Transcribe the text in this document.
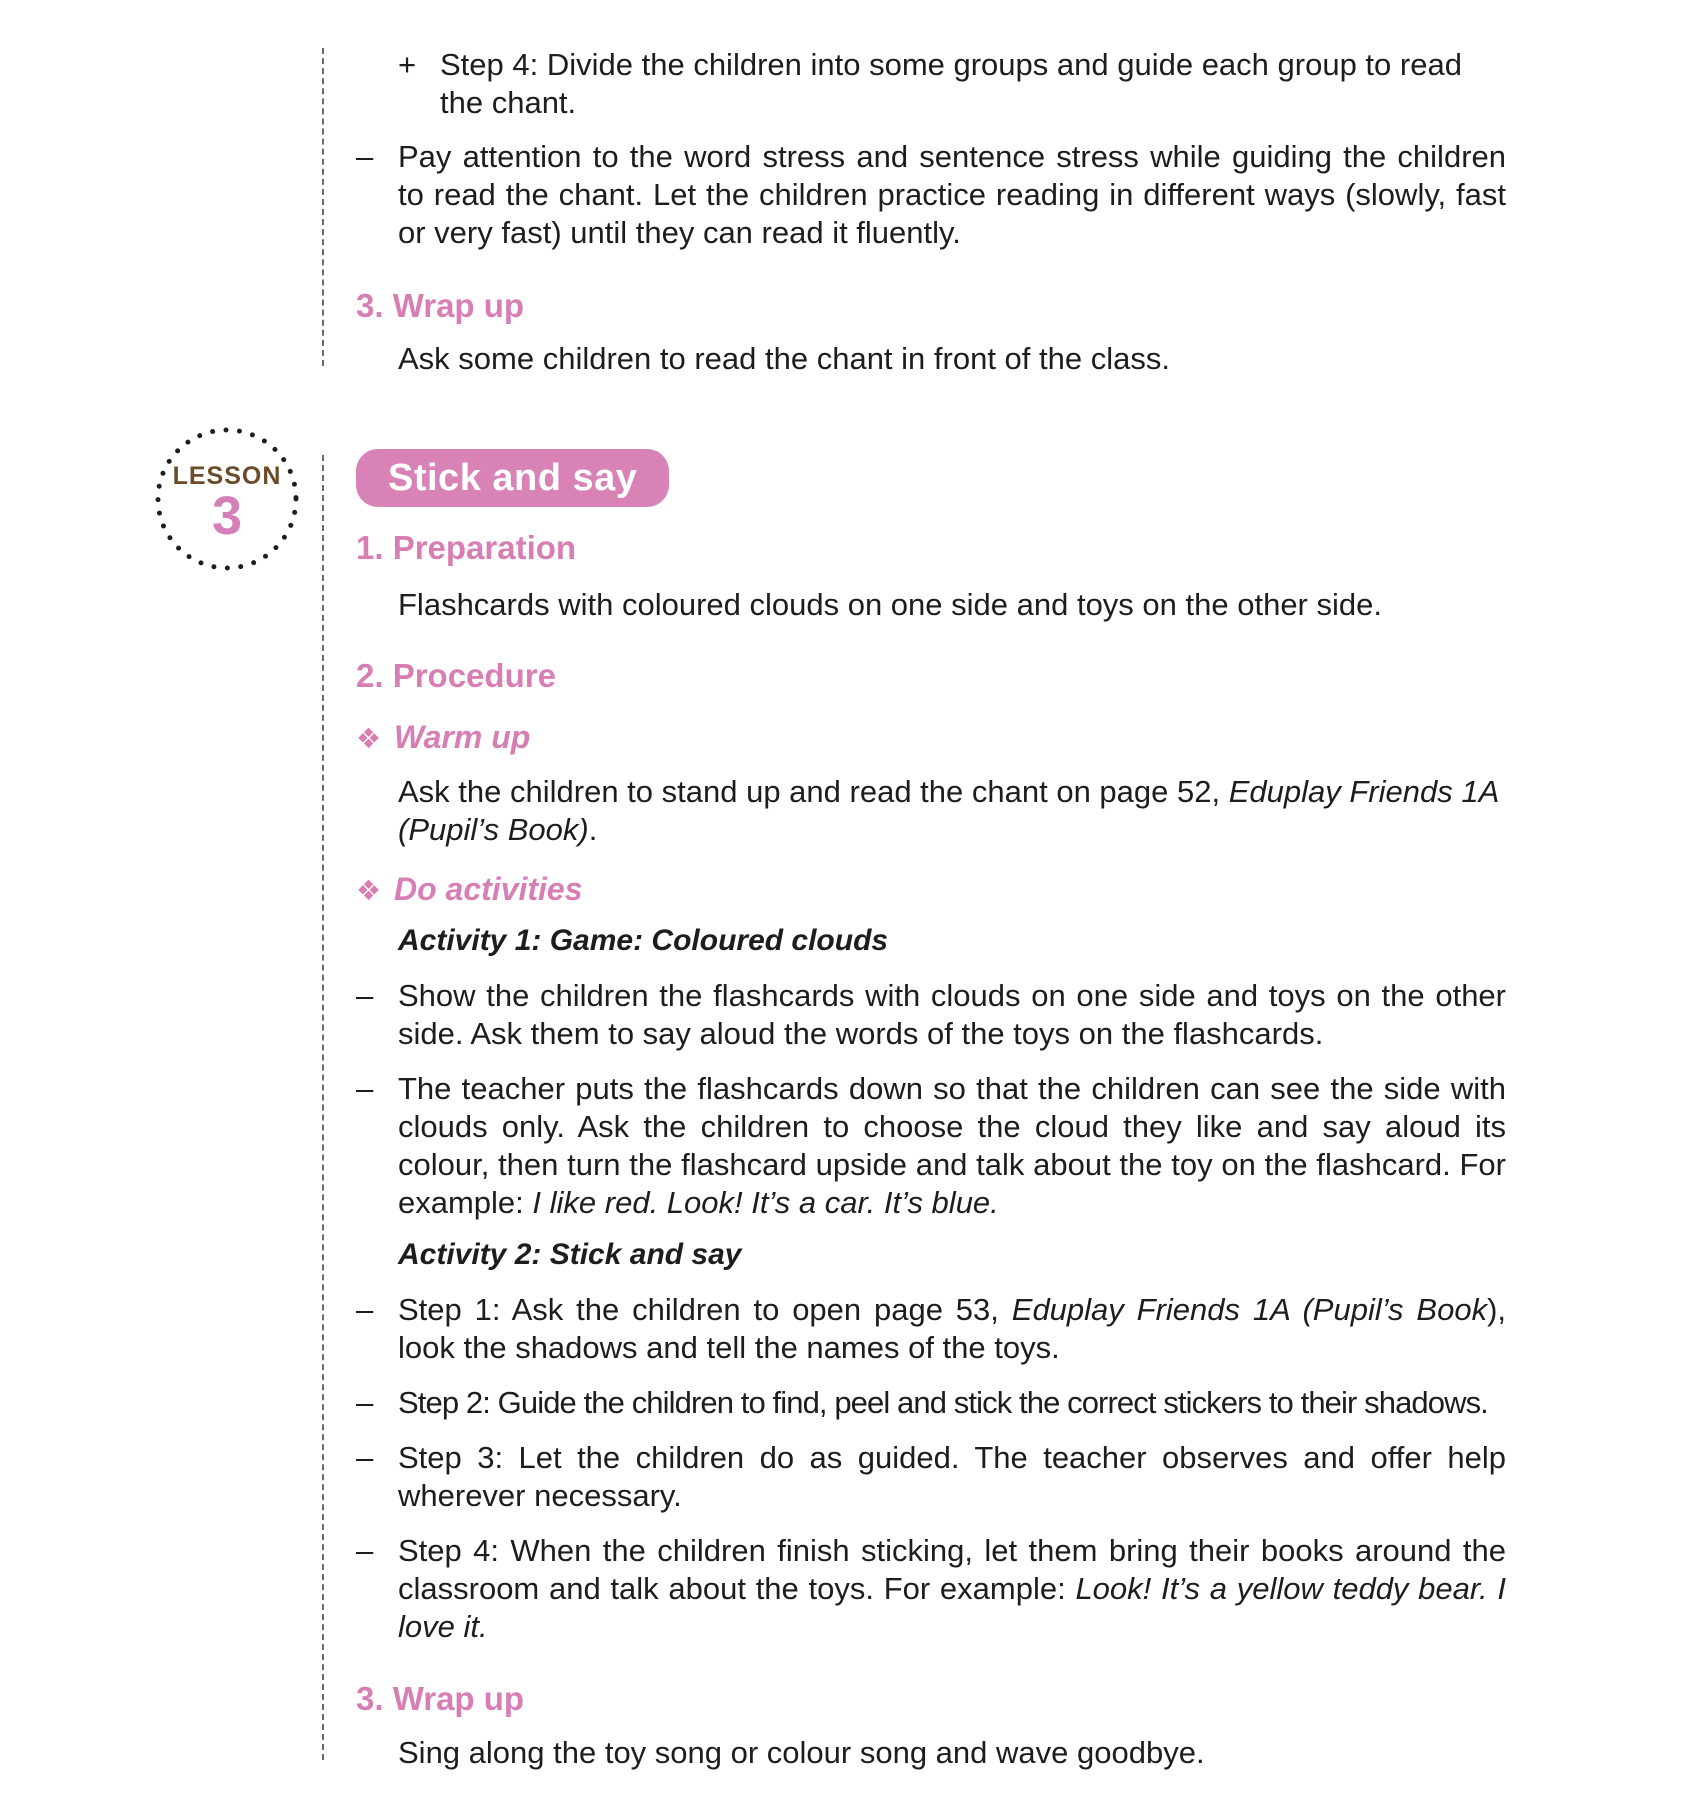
+ Step 4: Divide the children into some groups and guide each group to read the chant.
– Pay attention to the word stress and sentence stress while guiding the children to read the chant. Let the children practice reading in different ways (slowly, fast or very fast) until they can read it fluently.
3. Wrap up
Ask some children to read the chant in front of the class.
LESSON
3
Stick and say
1. Preparation
Flashcards with coloured clouds on one side and toys on the other side.
2. Procedure
❖ Warm up
Ask the children to stand up and read the chant on page 52, Eduplay Friends 1A (Pupil’s Book).
❖ Do activities
Activity 1: Game: Coloured clouds
– Show the children the flashcards with clouds on one side and toys on the other side. Ask them to say aloud the words of the toys on the flashcards.
– The teacher puts the flashcards down so that the children can see the side with clouds only. Ask the children to choose the cloud they like and say aloud its colour, then turn the flashcard upside and talk about the toy on the flashcard. For example: I like red. Look! It’s a car. It’s blue.
Activity 2: Stick and say
– Step 1: Ask the children to open page 53, Eduplay Friends 1A (Pupil’s Book), look the shadows and tell the names of the toys.
– Step 2: Guide the children to find, peel and stick the correct stickers to their shadows.
– Step 3: Let the children do as guided. The teacher observes and offer help wherever necessary.
– Step 4: When the children finish sticking, let them bring their books around the classroom and talk about the toys. For example: Look! It’s a yellow teddy bear. I love it.
3. Wrap up
Sing along the toy song or colour song and wave goodbye.
